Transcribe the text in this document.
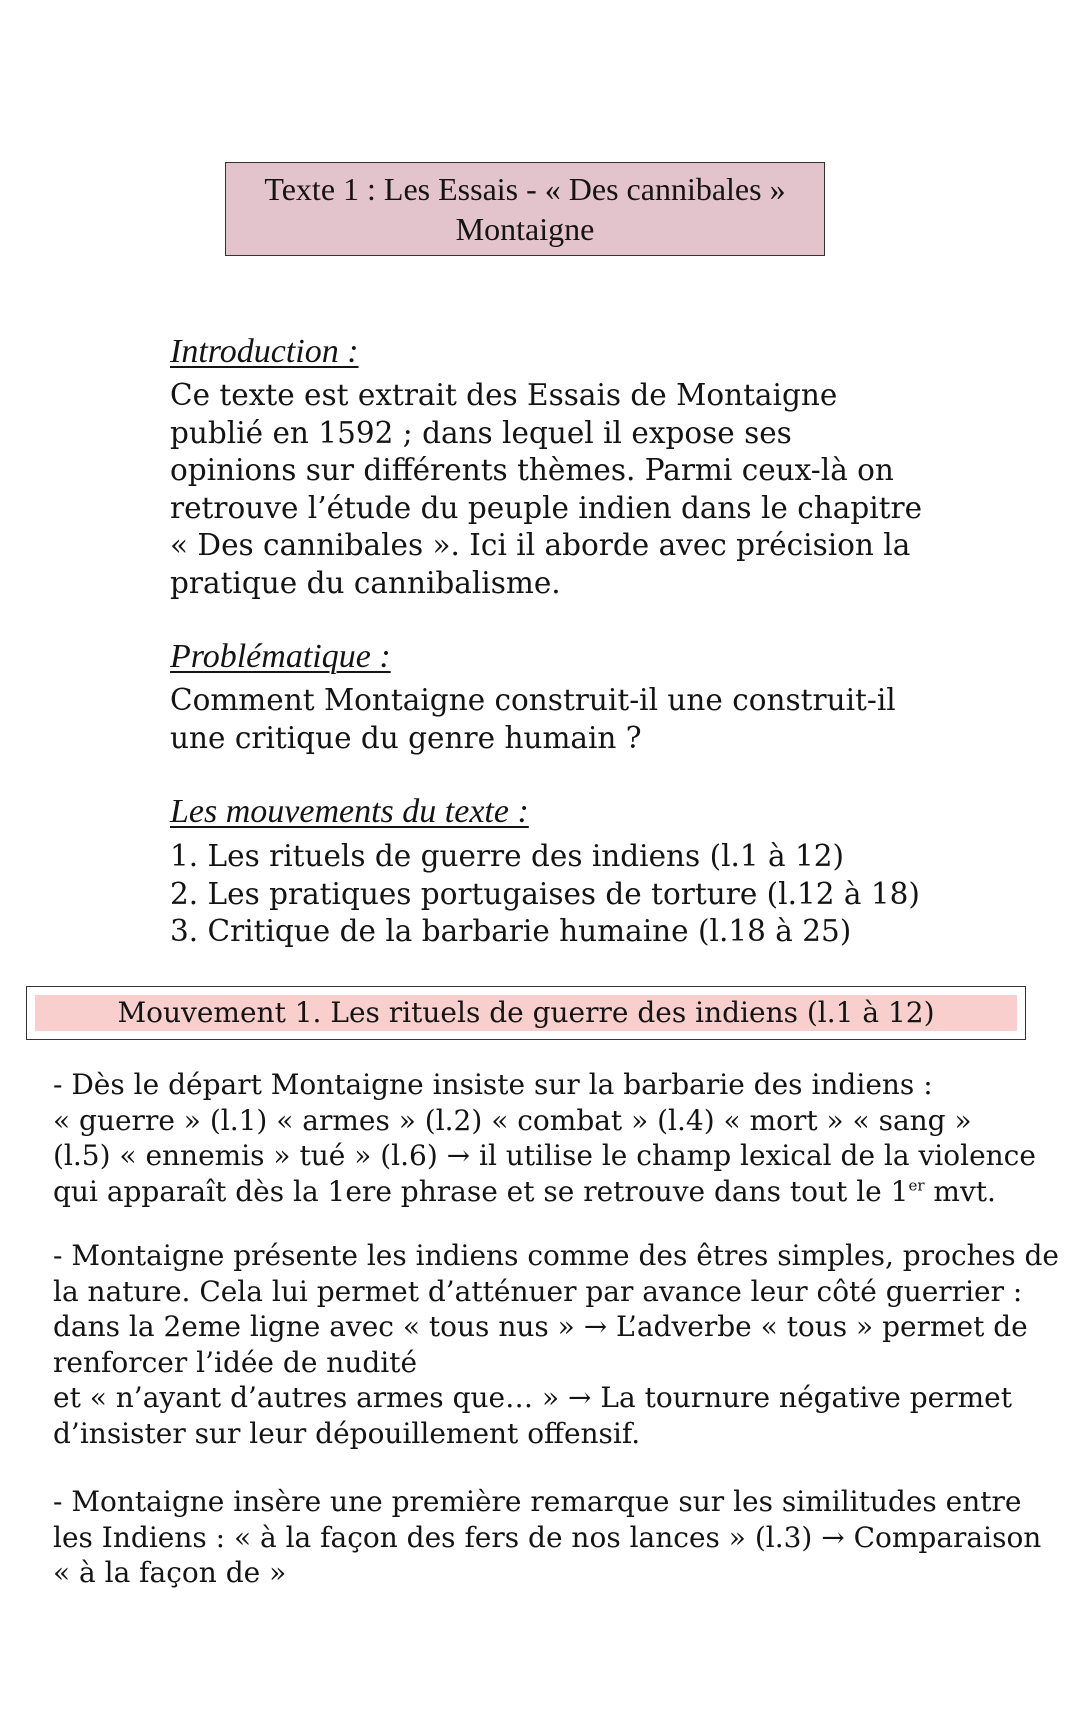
Texte 1 : Les Essais - « Des cannibales »
Montaigne
Introduction :
Ce texte est extrait des Essais de Montaigne
publié en 1592 ; dans lequel il expose ses
opinions sur différents thèmes. Parmi ceux-là on
retrouve l’étude du peuple indien dans le chapitre
« Des cannibales ». Ici il aborde avec précision la
pratique du cannibalisme.
Problématique :
Comment Montaigne construit-il une construit-il
une critique du genre humain ?
Les mouvements du texte :
1. Les rituels de guerre des indiens (l.1 à 12)
2. Les pratiques portugaises de torture (l.12 à 18)
3. Critique de la barbarie humaine (l.18 à 25)
Mouvement 1. Les rituels de guerre des indiens (l.1 à 12)
- Dès le départ Montaigne insiste sur la barbarie des indiens :
« guerre » (l.1) « armes » (l.2) « combat » (l.4) « mort » « sang »
(l.5) « ennemis » tué » (l.6) → il utilise le champ lexical de la violence
qui apparaît dès la 1ere phrase et se retrouve dans tout le 1er mvt.
- Montaigne présente les indiens comme des êtres simples, proches de
la nature. Cela lui permet d’atténuer par avance leur côté guerrier :
dans la 2eme ligne avec « tous nus » → L’adverbe « tous » permet de
renforcer l’idée de nudité
et « n’ayant d’autres armes que… » → La tournure négative permet
d’insister sur leur dépouillement offensif.
- Montaigne insère une première remarque sur les similitudes entre
les Indiens : « à la façon des fers de nos lances » (l.3) → Comparaison
« à la façon de »
